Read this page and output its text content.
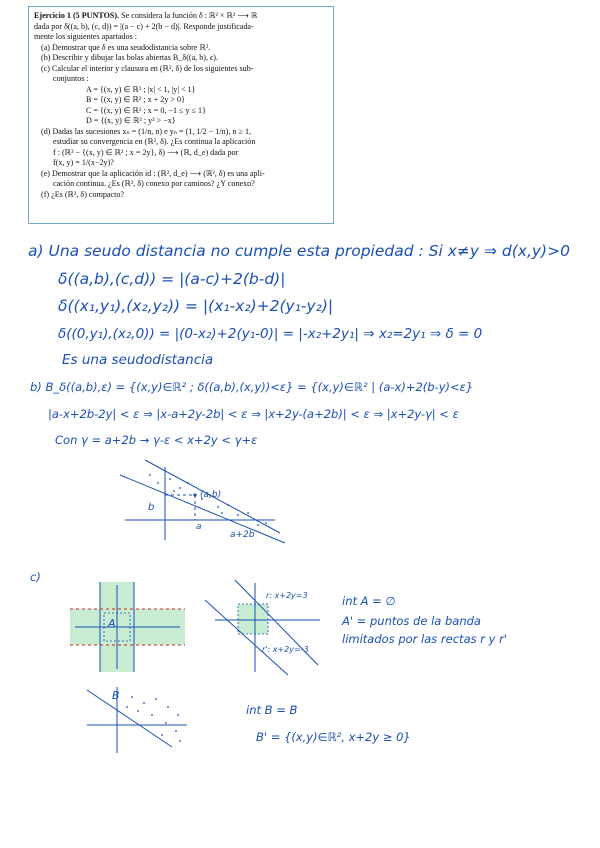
Ejercicio 1 (5 PUNTOS). Se considera la función δ : ℝ² × ℝ² ⟶ ℝ
dada por δ((a, b), (c, d)) = |(a − c) + 2(b − d)|. Responde justificada-
mente los siguientes apartados :
(a) Demostrar que δ es una seudodistancia sobre ℝ².
(b) Describir y dibujar las bolas abiertas B_δ((a, b), ϵ).
(c) Calcular el interior y clausura en (ℝ², δ) de los siguientes sub-
conjuntos :
A = {(x, y) ∈ ℝ² ; |x| < 1, |y| < 1}
B = {(x, y) ∈ ℝ² ; x + 2y > 0}
C = {(x, y) ∈ ℝ² ; x = 0, −1 ≤ y ≤ 1}
D = {(x, y) ∈ ℝ² ; y² > −x}
(d) Dadas las sucesiones xₙ = (1/n, n) e yₙ = (1, 1/2 − 1/n), n ≥ 1,
estudiar su convergencia en (ℝ², δ). ¿Es continua la aplicación
f : (ℝ² − {(x, y) ∈ ℝ² ; x = 2y}, δ) ⟶ (ℝ, d_e) dada por
f(x, y) = 1/(x−2y)?
(e) Demostrar que la aplicación id : (ℝ², d_e) ⟶ (ℝ², δ) es una apli-
cación continua. ¿Es (ℝ², δ) conexo por caminos? ¿Y conexo?
(f) ¿Es (ℝ², δ) compacto?
a) Una seudo distancia no cumple esta propiedad : Si x≠y ⇒ d(x,y)>0
δ((a,b),(c,d)) = |(a-c)+2(b-d)|
δ((x₁,y₁),(x₂,y₂)) = |(x₁-x₂)+2(y₁-y₂)|
δ((0,y₁),(x₂,0)) = |(0-x₂)+2(y₁-0)| = |-x₂+2y₁| ⇒ x₂=2y₁ ⇒ δ = 0
Es una seudodistancia
b) B_δ((a,b),ε) = {(x,y)∈ℝ² ; δ((a,b),(x,y))<ε} = {(x,y)∈ℝ² | (a-x)+2(b-y)<ε}
|a-x+2b-2y| < ε ⇒ |x-a+2y-2b| < ε ⇒ |x+2y-(a+2b)| < ε ⇒ |x+2y-γ| < ε
Con γ = a+2b → γ-ε < x+2y < γ+ε
(a,b)
b
a
a+2b
c)
A
r: x+2y=3
r': x+2y=-3
int A = ∅
A' = puntos de la banda
limitados por las rectas r y r'
B
int B = B
B' = {(x,y)∈ℝ², x+2y ≥ 0}
